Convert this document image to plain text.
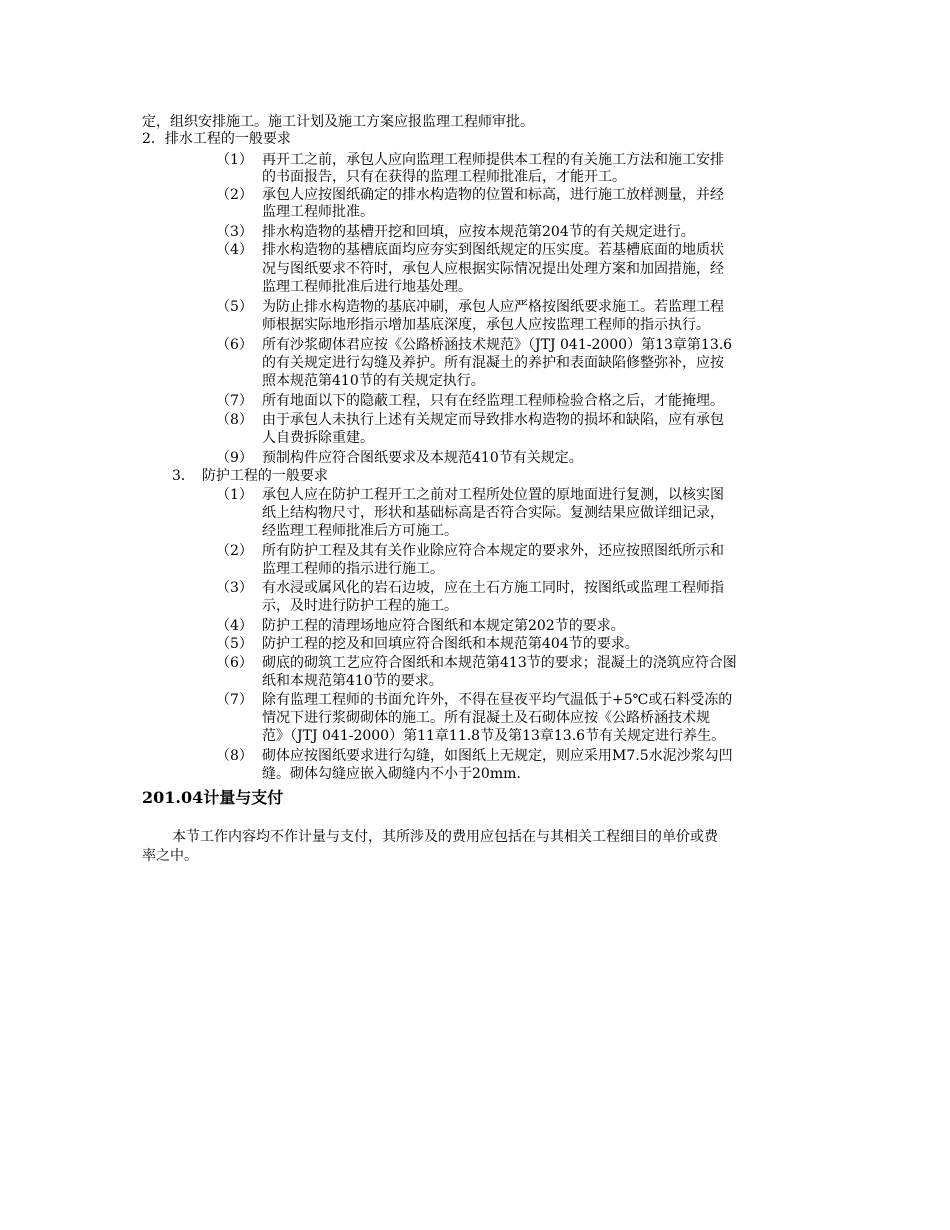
定，组织安排施工。施工计划及施工方案应报监理工程师审批。
2．排水工程的一般要求
（1） 再开工之前，承包人应向监理工程师提供本工程的有关施工方法和施工安排
的书面报告，只有在获得的监理工程师批准后，才能开工。
（2） 承包人应按图纸确定的排水构造物的位置和标高，进行施工放样测量，并经
监理工程师批准。
（3） 排水构造物的基槽开挖和回填，应按本规范第204节的有关规定进行。
（4） 排水构造物的基槽底面均应夯实到图纸规定的压实度。若基槽底面的地质状
况与图纸要求不符时，承包人应根据实际情况提出处理方案和加固措施，经
监理工程师批准后进行地基处理。
（5） 为防止排水构造物的基底冲刷，承包人应严格按图纸要求施工。若监理工程
师根据实际地形指示增加基底深度，承包人应按监理工程师的指示执行。
（6） 所有沙浆砌体君应按《公路桥涵技术规范》（JTJ 041-2000）第13章第13.6
的有关规定进行勾缝及养护。所有混凝土的养护和表面缺陷修整弥补，应按
照本规范第410节的有关规定执行。
（7） 所有地面以下的隐蔽工程，只有在经监理工程师检验合格之后，才能掩埋。
（8） 由于承包人未执行上述有关规定而导致排水构造物的损坏和缺陷，应有承包
人自费拆除重建。
（9） 预制构件应符合图纸要求及本规范410节有关规定。
3．　防护工程的一般要求
（1） 承包人应在防护工程开工之前对工程所处位置的原地面进行复测，以核实图
纸上结构物尺寸，形状和基础标高是否符合实际。复测结果应做详细记录，
经监理工程师批准后方可施工。
（2） 所有防护工程及其有关作业除应符合本规定的要求外，还应按照图纸所示和
监理工程师的指示进行施工。
（3） 有水浸或属风化的岩石边坡，应在土石方施工同时，按图纸或监理工程师指
示，及时进行防护工程的施工。
（4） 防护工程的清理场地应符合图纸和本规定第202节的要求。
（5） 防护工程的挖及和回填应符合图纸和本规范第404节的要求。
（6） 砌底的砌筑工艺应符合图纸和本规范第413节的要求；混凝土的浇筑应符合图
纸和本规范第410节的要求。
（7） 除有监理工程师的书面允许外，不得在昼夜平均气温低于+5℃或石料受冻的
情况下进行浆砌砌体的施工。所有混凝土及石砌体应按《公路桥涵技术规
范》（JTJ 041-2000）第11章11.8节及第13章13.6节有关规定进行养生。
（8） 砌体应按图纸要求进行勾缝，如图纸上无规定，则应采用M7.5水泥沙浆勾凹
缝。砌体勾缝应嵌入砌缝内不小于20mm.
201.04计量与支付
本节工作内容均不作计量与支付，其所涉及的费用应包括在与其相关工程细目的单价或费
率之中。
